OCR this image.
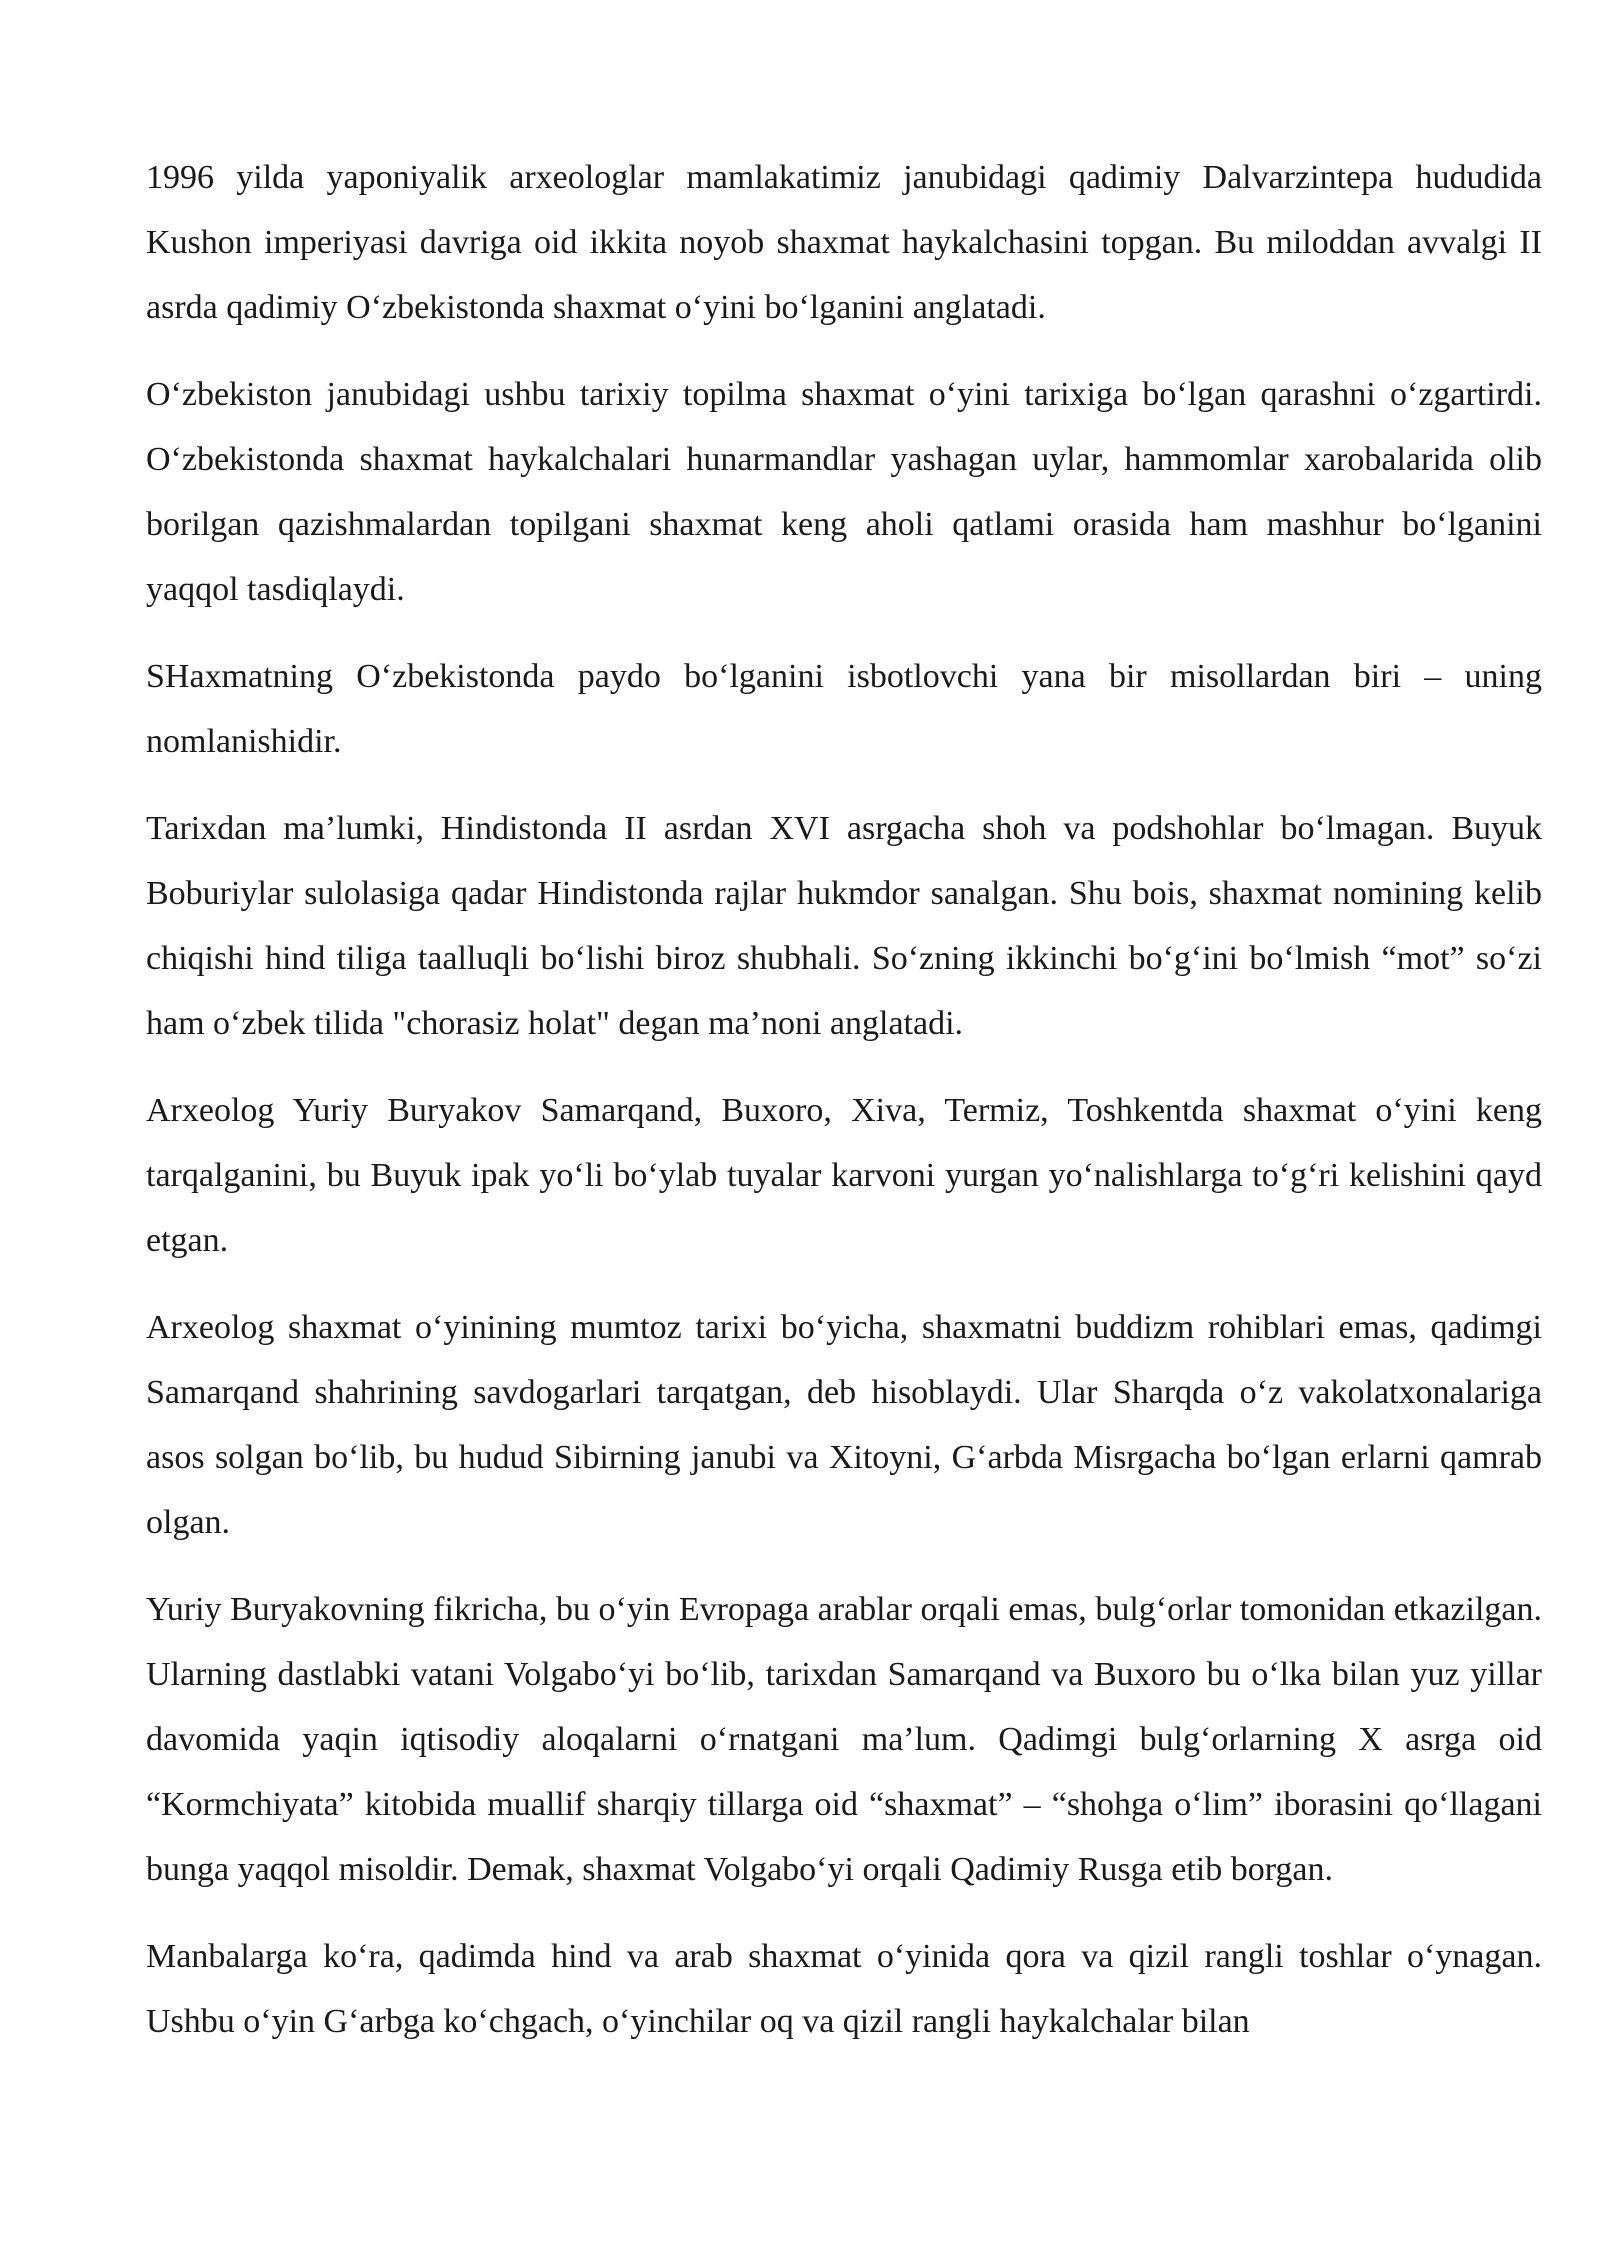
1996 yilda yaponiyalik arxeologlar mamlakatimiz janubidagi qadimiy Dalvarzintepa hududida Kushon imperiyasi davriga oid ikkita noyob shaxmat haykalchasini topgan. Bu miloddan avvalgi II asrda qadimiy O‘zbekistonda shaxmat o‘yini bo‘lganini anglatadi.

O‘zbekiston janubidagi ushbu tarixiy topilma shaxmat o‘yini tarixiga bo‘lgan qarashni o‘zgartirdi. O‘zbekistonda shaxmat haykalchalari hunarmandlar yashagan uylar, hammomlar xarobalarida olib borilgan qazishmalardan topilgani shaxmat keng aholi qatlami orasida ham mashhur bo‘lganini yaqqol tasdiqlaydi.

SHaxmatning O‘zbekistonda paydo bo‘lganini isbotlovchi yana bir misollardan biri – uning nomlanishidir.

Tarixdan ma’lumki, Hindistonda II asrdan XVI asrgacha shoh va podshohlar bo‘lmagan. Buyuk Boburiylar sulolasiga qadar Hindistonda rajlar hukmdor sanalgan. Shu bois, shaxmat nomining kelib chiqishi hind tiliga taalluqli bo‘lishi biroz shubhali. So‘zning ikkinchi bo‘g‘ini bo‘lmish “mot” so‘zi ham o‘zbek tilida "chorasiz holat" degan ma’noni anglatadi.

Arxeolog Yuriy Buryakov Samarqand, Buxoro, Xiva, Termiz, Toshkentda shaxmat o‘yini keng tarqalganini, bu Buyuk ipak yo‘li bo‘ylab tuyalar karvoni yurgan yo‘nalishlarga to‘g‘ri kelishini qayd etgan.

Arxeolog shaxmat o‘yinining mumtoz tarixi bo‘yicha, shaxmatni buddizm rohiblari emas, qadimgi Samarqand shahrining savdogarlari tarqatgan, deb hisoblaydi. Ular Sharqda o‘z vakolatxonalariga asos solgan bo‘lib, bu hudud Sibirning janubi va Xitoyni, G‘arbda Misrgacha bo‘lgan erlarni qamrab olgan.

Yuriy Buryakovning fikricha, bu o‘yin Evropaga arablar orqali emas, bulg‘orlar tomonidan etkazilgan. Ularning dastlabki vatani Volgabo‘yi bo‘lib, tarixdan Samarqand va Buxoro bu o‘lka bilan yuz yillar davomida yaqin iqtisodiy aloqalarni o‘rnatgani ma’lum. Qadimgi bulg‘orlarning X asrga oid “Kormchiyata” kitobida muallif sharqiy tillarga oid “shaxmat” – “shohga o‘lim” iborasini qo‘llagani bunga yaqqol misoldir. Demak, shaxmat Volgabo‘yi orqali Qadimiy Rusga etib borgan.

Manbalarga ko‘ra, qadimda hind va arab shaxmat o‘yinida qora va qizil rangli toshlar o‘ynagan. Ushbu o‘yin G‘arbga ko‘chgach, o‘yinchilar oq va qizil rangli haykalchalar bilan
